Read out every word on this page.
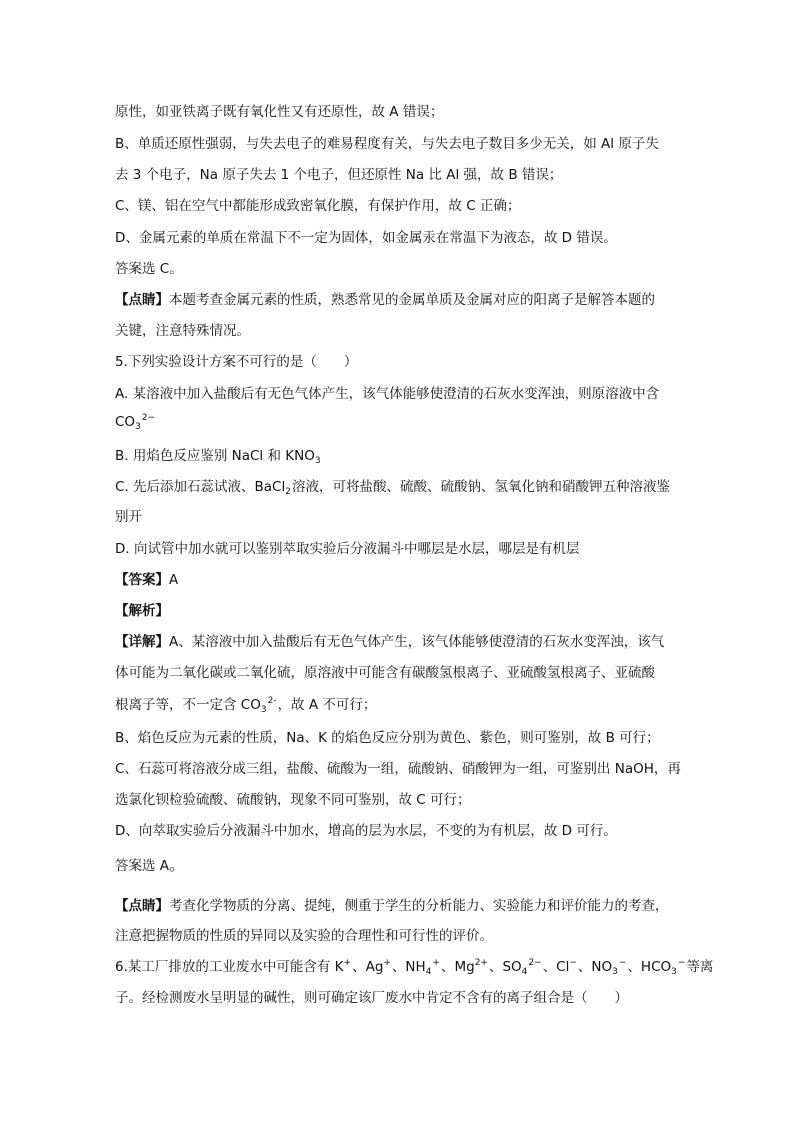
原性，如亚铁离子既有氧化性又有还原性，故 A 错误；
B、单质还原性强弱，与失去电子的难易程度有关，与失去电子数目多少无关，如 Al 原子失
去 3 个电子，Na 原子失去 1 个电子，但还原性 Na 比 Al 强，故 B 错误；
C、镁、铝在空气中都能形成致密氧化膜，有保护作用，故 C 正确；
D、金属元素的单质在常温下不一定为固体，如金属汞在常温下为液态，故 D 错误。
答案选 C。
【点睛】本题考查金属元素的性质，熟悉常见的金属单质及金属对应的阳离子是解答本题的
关键，注意特殊情况。
5.下列实验设计方案不可行的是（　　）
A. 某溶液中加入盐酸后有无色气体产生，该气体能够使澄清的石灰水变浑浊，则原溶液中含
$CO_3^{2-}$
B. 用焰色反应鉴别 NaCl 和 $KNO_3$
C. 先后添加石蕊试液、BaCl$_2$溶液，可将盐酸、硫酸、硫酸钠、氢氧化钠和硝酸钾五种溶液鉴
别开
D. 向试管中加水就可以鉴别萃取实验后分液漏斗中哪层是水层，哪层是有机层
【答案】A
【解析】
【详解】A、某溶液中加入盐酸后有无色气体产生，该气体能够使澄清的石灰水变浑浊，该气
体可能为二氧化碳或二氧化硫，原溶液中可能含有碳酸氢根离子、亚硫酸氢根离子、亚硫酸
根离子等，不一定含 $CO_3^{2-}$，故 A 不可行；
B、焰色反应为元素的性质，Na、K 的焰色反应分别为黄色、紫色，则可鉴别，故 B 可行；
C、石蕊可将溶液分成三组，盐酸、硫酸为一组，硫酸钠、硝酸钾为一组，可鉴别出 NaOH，再
选氯化钡检验硫酸、硫酸钠，现象不同可鉴别，故 C 可行；
D、向萃取实验后分液漏斗中加水，增高的层为水层，不变的为有机层，故 D 可行。
答案选 A。
【点睛】考查化学物质的分离、提纯，侧重于学生的分析能力、实验能力和评价能力的考查，
注意把握物质的性质的异同以及实验的合理性和可行性的评价。
6.某工厂排放的工业废水中可能含有 K+、Ag+、$NH_4^+$、$Mg^{2+}$、$SO_4^{2-}$、Cl−、$NO_3^-$、$HCO_3^-$等离
子。经检测废水呈明显的碱性，则可确定该厂废水中肯定不含有的离子组合是（　　）
